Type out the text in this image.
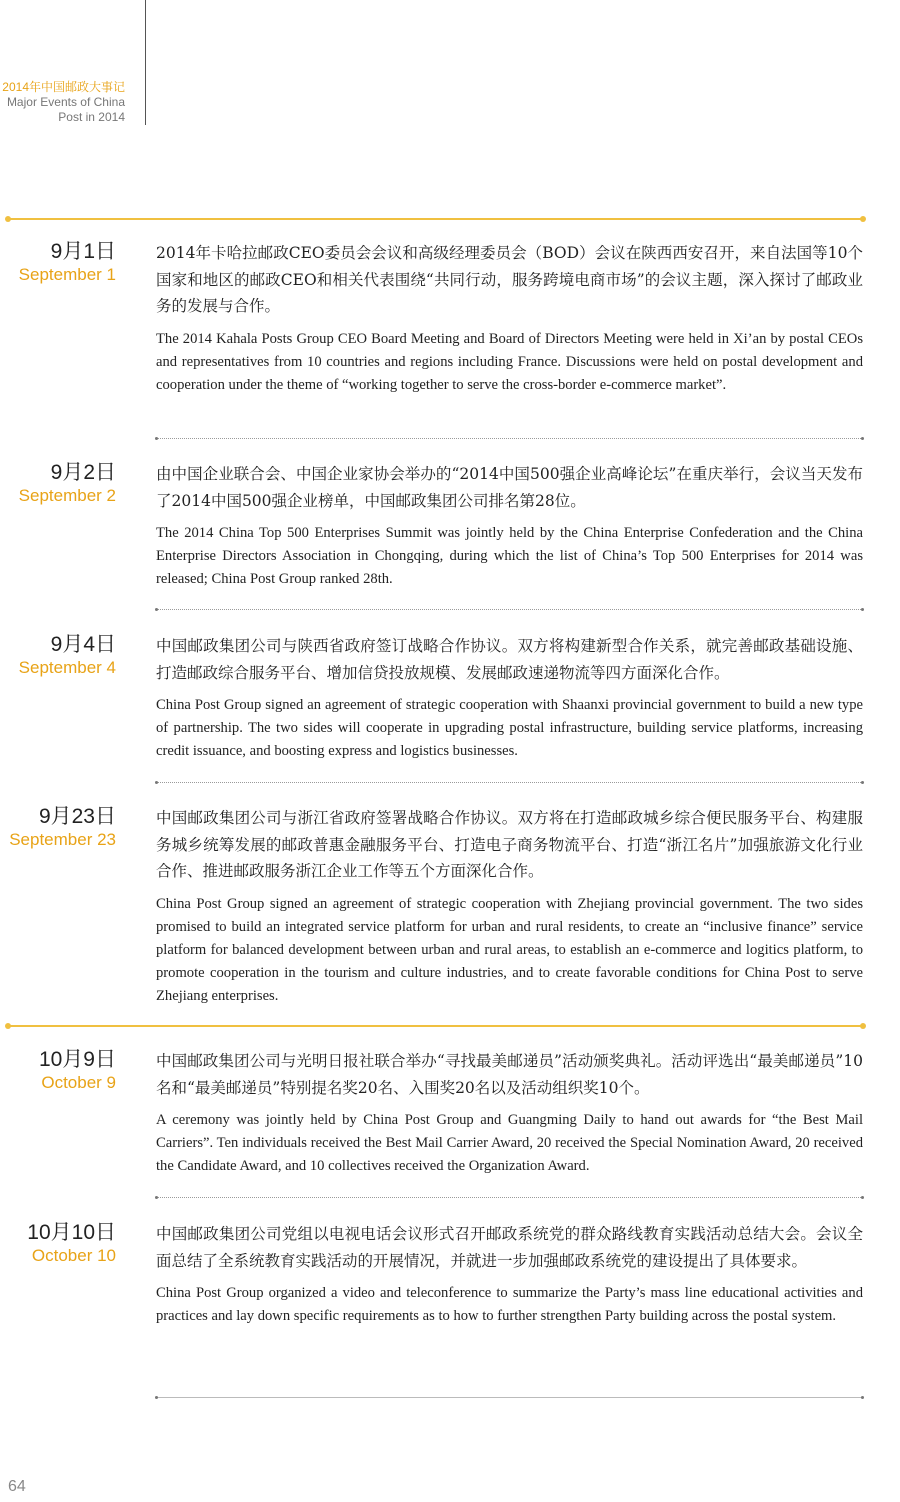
2014年中国邮政大事记
Major Events of China
Post in 2014
9月1日
September 1

2014年卡哈拉邮政CEO委员会会议和高级经理委员会（BOD）会议在陕西西安召开，来自法国等10个国家和地区的邮政CEO和相关代表围绕“共同行动，服务跨境电商市场”的会议主题，深入探讨了邮政业务的发展与合作。

The 2014 Kahala Posts Group CEO Board Meeting and Board of Directors Meeting were held in Xi’an by postal CEOs and representatives from 10 countries and regions including France. Discussions were held on postal development and cooperation under the theme of “working together to serve the cross-border e-commerce market”.

9月2日
September 2

由中国企业联合会、中国企业家协会举办的“2014中国500强企业高峰论坛”在重庆举行，会议当天发布了2014中国500强企业榜单，中国邮政集团公司排名第28位。

The 2014 China Top 500 Enterprises Summit was jointly held by the China Enterprise Confederation and the China Enterprise Directors Association in Chongqing, during which the list of China’s Top 500 Enterprises for 2014 was released; China Post Group ranked 28th.

9月4日
September 4

中国邮政集团公司与陕西省政府签订战略合作协议。双方将构建新型合作关系，就完善邮政基础设施、打造邮政综合服务平台、增加信贷投放规模、发展邮政速递物流等四方面深化合作。

China Post Group signed an agreement of strategic cooperation with Shaanxi provincial government to build a new type of partnership. The two sides will cooperate in upgrading postal infrastructure, building service platforms, increasing credit issuance, and boosting express and logistics businesses.

9月23日
September 23

中国邮政集团公司与浙江省政府签署战略合作协议。双方将在打造邮政城乡综合便民服务平台、构建服务城乡统筹发展的邮政普惠金融服务平台、打造电子商务物流平台、打造“浙江名片”加强旅游文化行业合作、推进邮政服务浙江企业工作等五个方面深化合作。

China Post Group signed an agreement of strategic cooperation with Zhejiang provincial government. The two sides promised to build an integrated service platform for urban and rural residents, to create an “inclusive finance” service platform for balanced development between urban and rural areas, to establish an e-commerce and logitics platform, to promote cooperation in the tourism and culture industries, and to create favorable conditions for China Post to serve Zhejiang enterprises.

10月9日
October 9

中国邮政集团公司与光明日报社联合举办“寻找最美邮递员”活动颁奖典礼。活动评选出“最美邮递员”10名和“最美邮递员”特别提名奖20名、入围奖20名以及活动组织奖10个。

A ceremony was jointly held by China Post Group and Guangming Daily to hand out awards for “the Best Mail Carriers”. Ten individuals received the Best Mail Carrier Award, 20 received the Special Nomination Award, 20 received the Candidate Award, and 10 collectives received the Organization Award.

10月10日
October 10

中国邮政集团公司党组以电视电话会议形式召开邮政系统党的群众路线教育实践活动总结大会。会议全面总结了全系统教育实践活动的开展情况，并就进一步加强邮政系统党的建设提出了具体要求。

China Post Group organized a video and teleconference to summarize the Party’s mass line educational activities and practices and lay down specific requirements as to how to further strengthen Party building across the postal system.

64
